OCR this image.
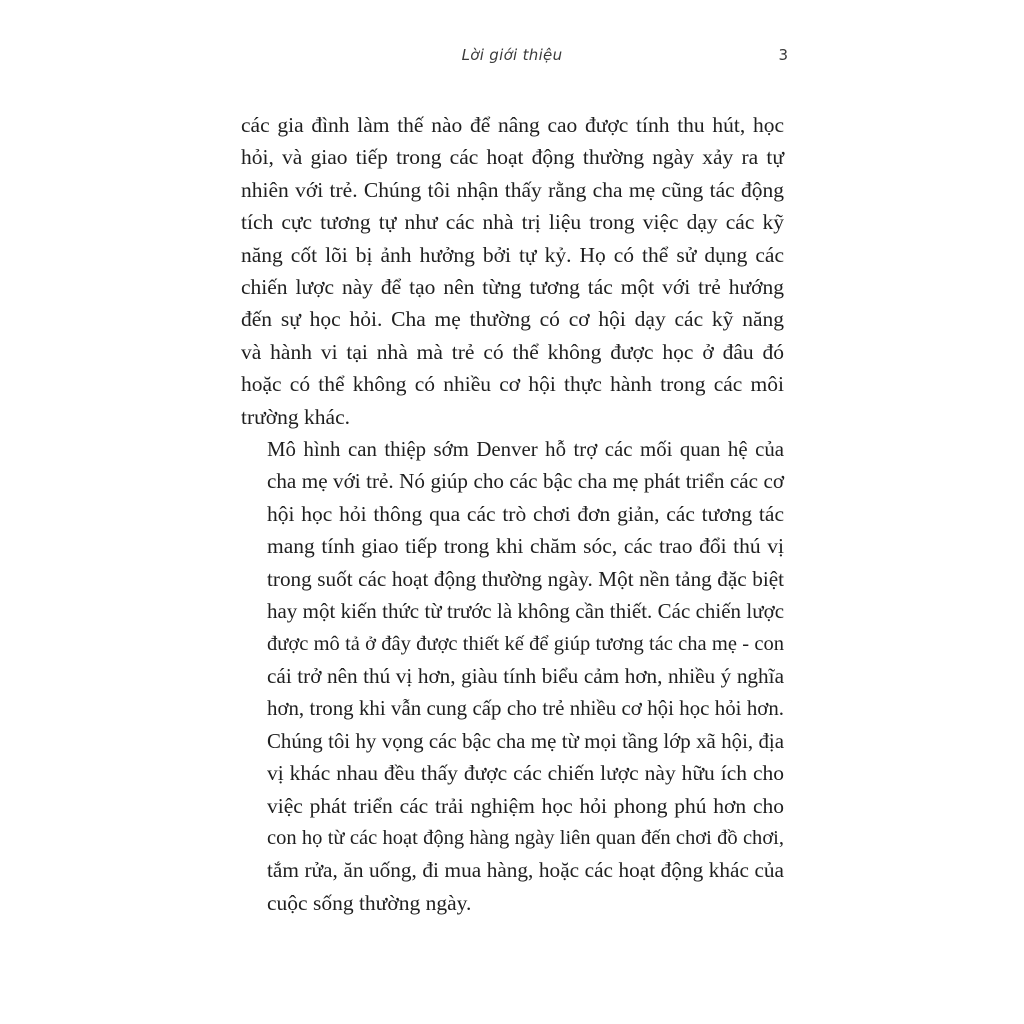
Lời giới thiệu	3

các gia đình làm thế nào để nâng cao được tính thu hút, học
hỏi, và giao tiếp trong các hoạt động thường ngày xảy ra tự
nhiên với trẻ. Chúng tôi nhận thấy rằng cha mẹ cũng tác động
tích cực tương tự như các nhà trị liệu trong việc dạy các kỹ
năng cốt lõi bị ảnh hưởng bởi tự kỷ. Họ có thể sử dụng các
chiến lược này để tạo nên từng tương tác một với trẻ hướng
đến sự học hỏi. Cha mẹ thường có cơ hội dạy các kỹ năng
và hành vi tại nhà mà trẻ có thể không được học ở đâu đó
hoặc có thể không có nhiều cơ hội thực hành trong các môi
trường khác.

Mô hình can thiệp sớm Denver hỗ trợ các mối quan hệ của
cha mẹ với trẻ. Nó giúp cho các bậc cha mẹ phát triển các cơ
hội học hỏi thông qua các trò chơi đơn giản, các tương tác
mang tính giao tiếp trong khi chăm sóc, các trao đổi thú vị
trong suốt các hoạt động thường ngày. Một nền tảng đặc biệt
hay một kiến thức từ trước là không cần thiết. Các chiến lược
được mô tả ở đây được thiết kế để giúp tương tác cha mẹ - con
cái trở nên thú vị hơn, giàu tính biểu cảm hơn, nhiều ý nghĩa
hơn, trong khi vẫn cung cấp cho trẻ nhiều cơ hội học hỏi hơn.
Chúng tôi hy vọng các bậc cha mẹ từ mọi tầng lớp xã hội, địa
vị khác nhau đều thấy được các chiến lược này hữu ích cho
việc phát triển các trải nghiệm học hỏi phong phú hơn cho
con họ từ các hoạt động hàng ngày liên quan đến chơi đồ chơi,
tắm rửa, ăn uống, đi mua hàng, hoặc các hoạt động khác của
cuộc sống thường ngày.
